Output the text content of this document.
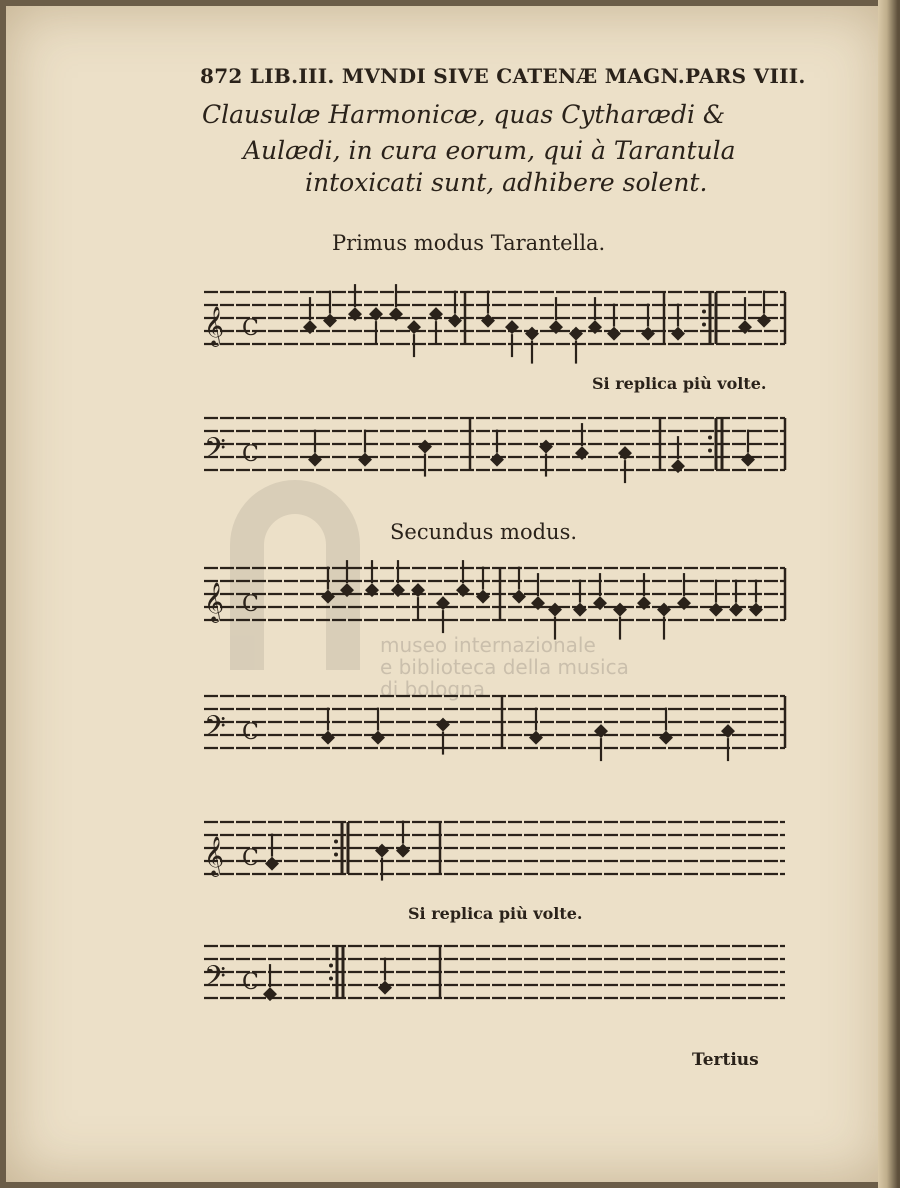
museo internazionale
e biblioteca della musica
di bologna
872 LIB.III. MVNDI SIVE CATENÆ MAGN.PARS VIII.
Clausulæ Harmonicæ, quas Cytharædi &
Aulædi, in cura eorum, qui à Tarantula
intoxicati sunt, adhibere solent.
Primus modus Tarantella.
Si replica più volte.
Secundus modus.
Si replica più volte.
Tertius
𝄞 C
𝄢 C
𝄞 C
𝄢 C
𝄞 C
𝄢 C
